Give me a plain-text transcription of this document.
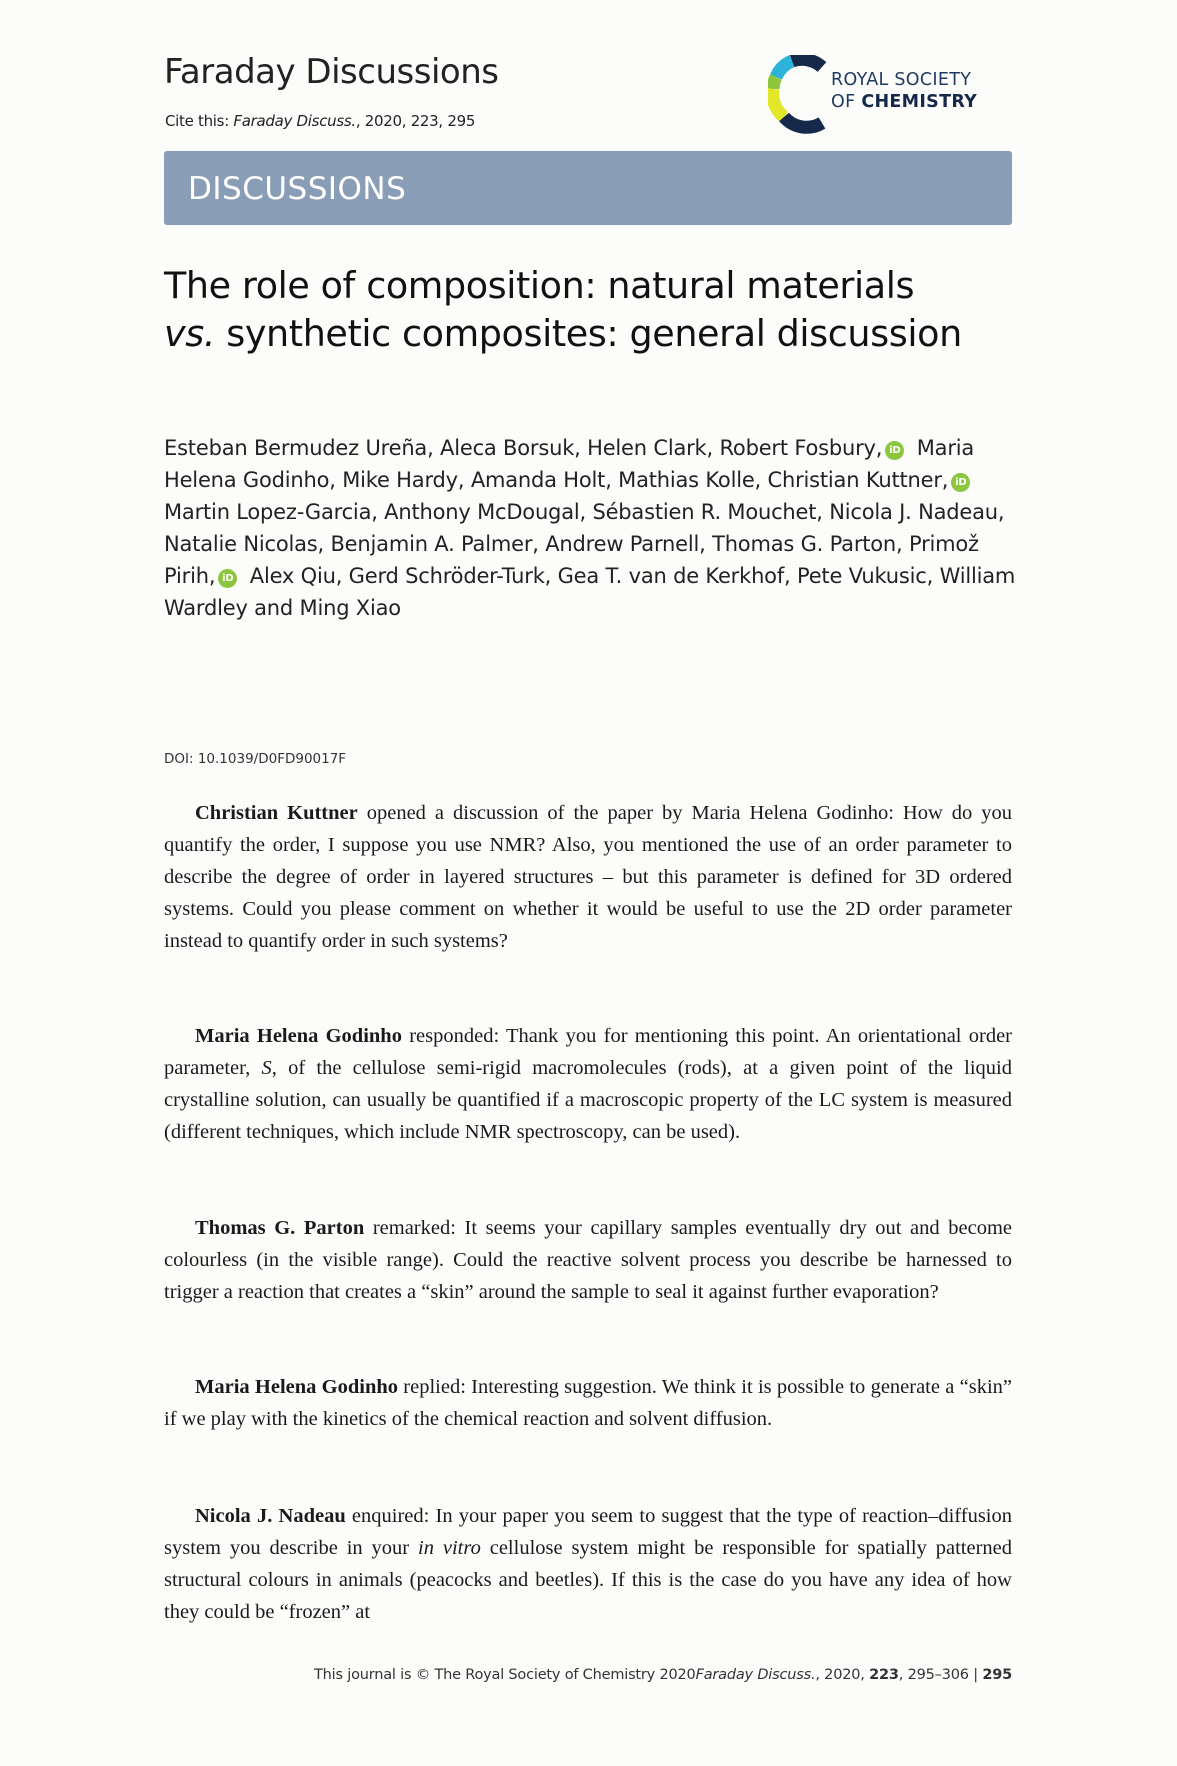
Faraday Discussions
Cite this: Faraday Discuss., 2020, 223, 295
ROYAL SOCIETY
OF CHEMISTRY
DISCUSSIONS
The role of composition: natural materials
vs. synthetic composites: general discussion
Esteban Bermudez Ureña, Aleca Borsuk, Helen Clark, Robert Fosbury, iD Maria Helena Godinho, Mike Hardy, Amanda Holt, Mathias Kolle, Christian Kuttner, iD Martin Lopez-Garcia, Anthony McDougal, Sébastien R. Mouchet, Nicola J. Nadeau, Natalie Nicolas, Benjamin A. Palmer, Andrew Parnell, Thomas G. Parton, Primož Pirih, iD Alex Qiu, Gerd Schröder-Turk, Gea T. van de Kerkhof, Pete Vukusic, William Wardley and Ming Xiao
DOI: 10.1039/D0FD90017F
Christian Kuttner opened a discussion of the paper by Maria Helena Godinho: How do you quantify the order, I suppose you use NMR? Also, you mentioned the use of an order parameter to describe the degree of order in layered structures – but this parameter is defined for 3D ordered systems. Could you please comment on whether it would be useful to use the 2D order parameter instead to quantify order in such systems?
Maria Helena Godinho responded: Thank you for mentioning this point. An orientational order parameter, S, of the cellulose semi-rigid macromolecules (rods), at a given point of the liquid crystalline solution, can usually be quantified if a macroscopic property of the LC system is measured (different techniques, which include NMR spectroscopy, can be used).
Thomas G. Parton remarked: It seems your capillary samples eventually dry out and become colourless (in the visible range). Could the reactive solvent process you describe be harnessed to trigger a reaction that creates a “skin” around the sample to seal it against further evaporation?
Maria Helena Godinho replied: Interesting suggestion. We think it is possible to generate a “skin” if we play with the kinetics of the chemical reaction and solvent diffusion.
Nicola J. Nadeau enquired: In your paper you seem to suggest that the type of reaction–diffusion system you describe in your in vitro cellulose system might be responsible for spatially patterned structural colours in animals (peacocks and beetles). If this is the case do you have any idea of how they could be “frozen” at
This journal is © The Royal Society of Chemistry 2020Faraday Discuss., 2020, 223, 295–306 | 295
